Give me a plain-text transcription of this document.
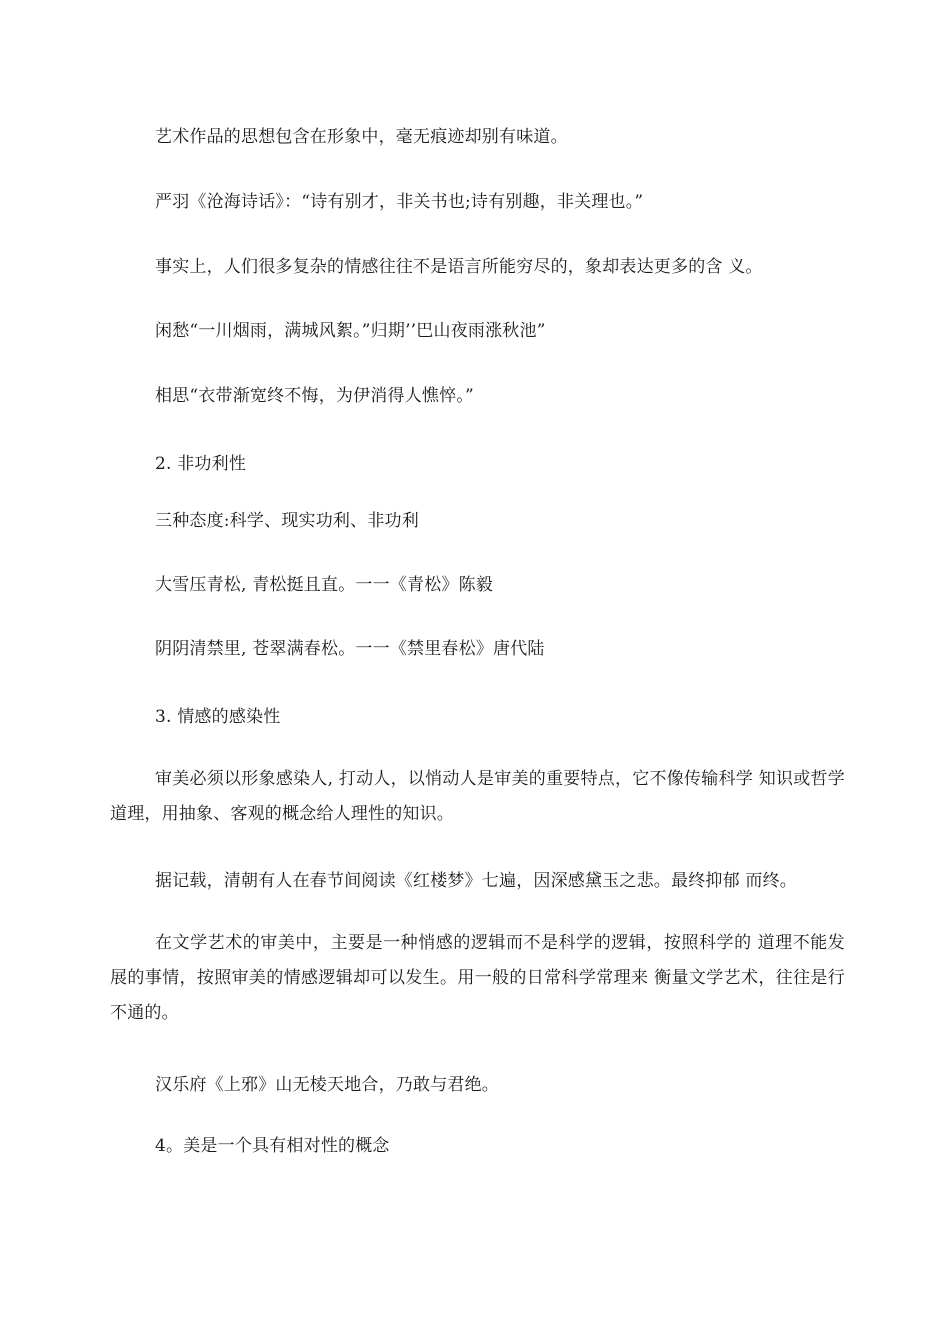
艺术作品的思想包含在形象中，毫无痕迹却别有味道。
严羽《沧海诗话》：“诗有别才，非关书也;诗有别趣，非关理也。”
事实上，人们很多复杂的情感往往不是语言所能穷尽的，象却表达更多的含 义。
闲愁“一川烟雨，满城风絮。”归期’’巴山夜雨涨秋池”
相思“衣带渐宽终不悔，为伊消得人憔悴。”
2. 非功利性
三种态度:科学、现实功利、非功利
大雪压青松, 青松挺且直。一一《青松》陈毅
阴阴清禁里, 苍翠满春松。一一《禁里春松》唐代陆
3. 情感的感染性
审美必须以形象感染人, 打动人，以悄动人是审美的重要特点，它不像传输科学 知识或哲学道理，用抽象、客观的概念给人理性的知识。
据记载，清朝有人在春节间阅读《红楼梦》七遍，因深感黛玉之悲。最终抑郁 而终。
在文学艺术的审美中，主要是一种悄感的逻辑而不是科学的逻辑，按照科学的 道理不能发展的事情，按照审美的情感逻辑却可以发生。用一般的日常科学常理来 衡量文学艺术，往往是行不通的。
汉乐府《上邪》山无棱天地合，乃敢与君绝。
4。美是一个具有相对性的概念
